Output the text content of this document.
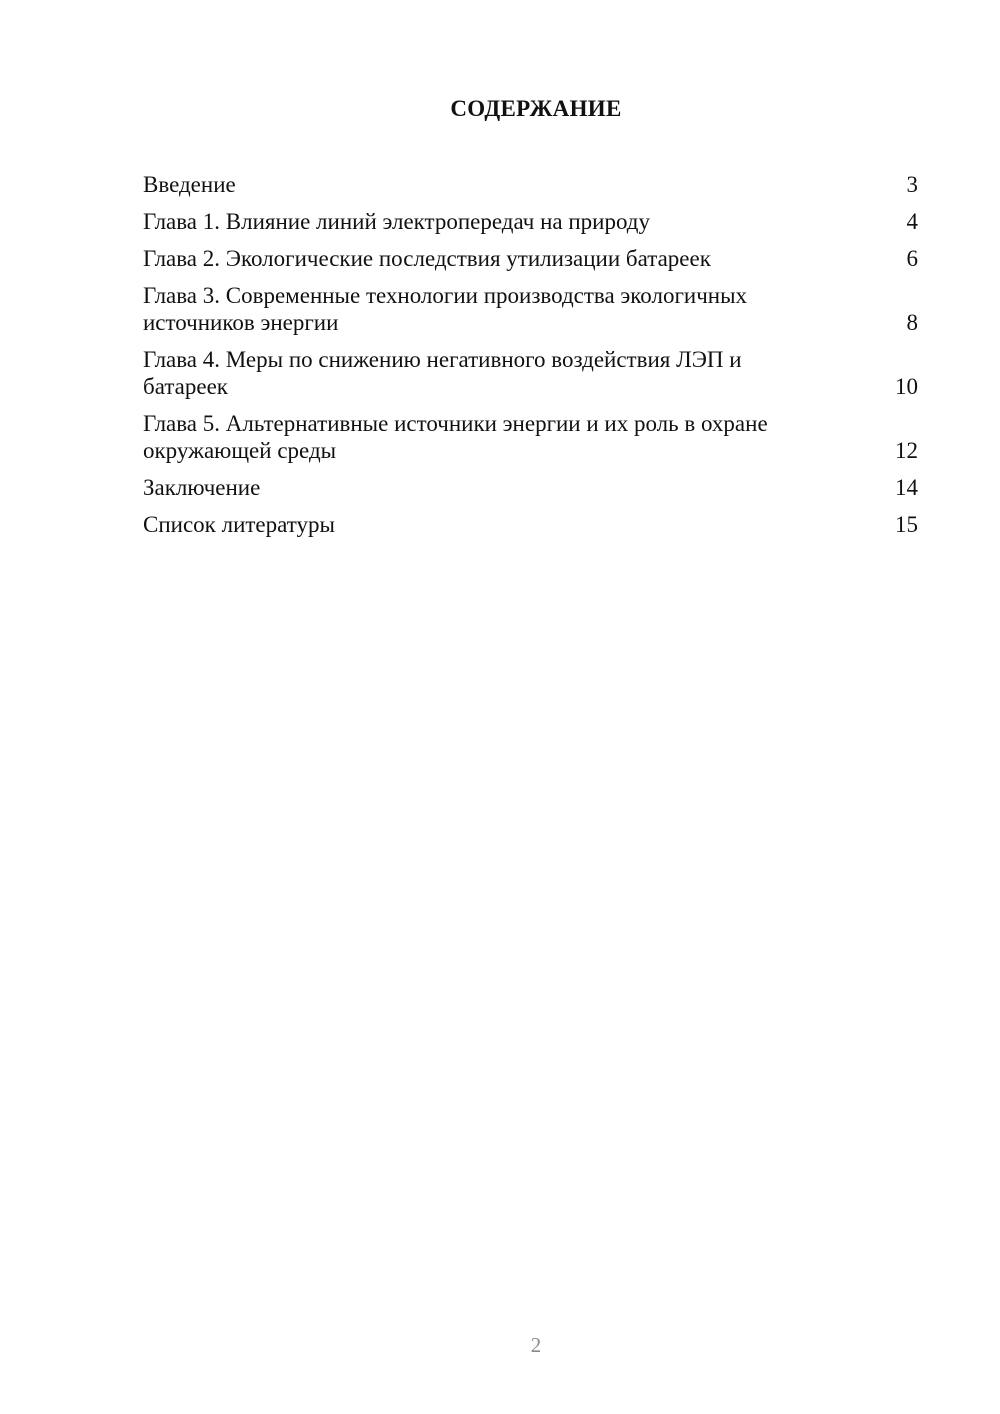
СОДЕРЖАНИЕ
Введение	3
Глава 1. Влияние линий электропередач на природу	4
Глава 2. Экологические последствия утилизации батареек	6
Глава 3. Современные технологии производства экологичных
источников энергии	8
Глава 4. Меры по снижению негативного воздействия ЛЭП и
батареек	10
Глава 5. Альтернативные источники энергии и их роль в охране
окружающей среды	12
Заключение	14
Список литературы	15
2
